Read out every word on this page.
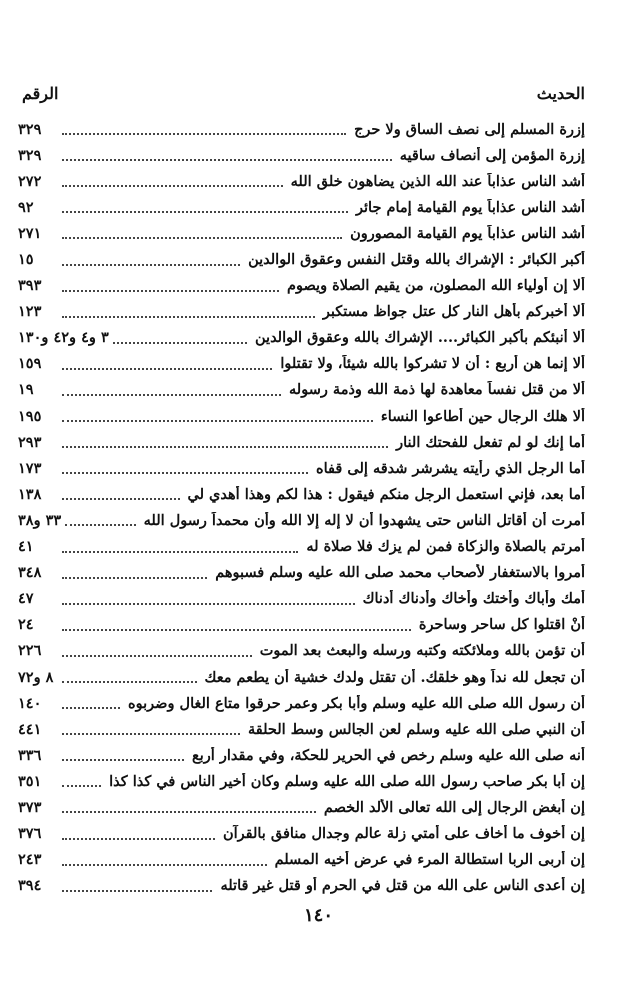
الحديث
الرقم
إزرة المسلم إلى نصف الساق ولا حرج
٣٢٩
إزرة المؤمن إلى أنصاف ساقيه
٣٢٩
أشد الناس عذاباً عند الله الذين يضاهون خلق الله
٢٧٢
أشد الناس عذاباً يوم القيامة إمام جائر
٩٢
أشد الناس عذاباً يوم القيامة المصورون
٢٧١
أكبر الكبائر : الإشراك بالله وقتل النفس وعقوق الوالدين
١٥
ألا إن أولياء الله المصلون، من يقيم الصلاة ويصوم
٣٩٣
ألا أخبركم بأهل النار كل عتل جواظ مستكبر
١٢٣
ألا أنبئكم بأكبر الكبائر.... الإشراك بالله وعقوق الوالدين
٣ و٤ و٤٢ و١٣٠
ألا إنما هن أربع : أن لا تشركوا بالله شيئاً، ولا تقتلوا
١٥٩
ألا من قتل نفساً معاهدة لها ذمة الله وذمة رسوله
١٩
ألا هلك الرجال حين أطاعوا النساء
١٩٥
أما إنك لو لم تفعل للفحتك النار
٢٩٣
أما الرجل الذي رأيته يشرشر شدقه إلى قفاه
١٧٣
أما بعد، فإني استعمل الرجل منكم فيقول : هذا لكم وهذا أهدي لي
١٣٨
أمرت أن أقاتل الناس حتى يشهدوا أن لا إله إلا الله وأن محمداً رسول الله
٣٣ و٣٨
أمرتم بالصلاة والزكاة فمن لم يزك فلا صلاة له
٤١
أمروا بالاستغفار لأصحاب محمد صلى الله عليه وسلم فسبوهم
٣٤٨
أمك وأباك وأختك وأخاك وأدناك أدناك
٤٧
أنْ اقتلوا كل ساحر وساحرة
٢٤
أن تؤمن بالله وملائكته وكتبه ورسله والبعث بعد الموت
٢٢٦
أن تجعل لله نداً وهو خلقك. أن تقتل ولدك خشية أن يطعم معك
٨ و٧٢
أن رسول الله صلى الله عليه وسلم وأبا بكر وعمر حرقوا متاع الغال وضربوه
١٤٠
أن النبي صلى الله عليه وسلم لعن الجالس وسط الحلقة
٤٤١
أنه صلى الله عليه وسلم رخص في الحرير للحكة، وفي مقدار أربع
٣٣٦
إن أبا بكر صاحب رسول الله صلى الله عليه وسلم وكان أخير الناس في كذا كذا
٣٥١
إن أبغض الرجال إلى الله تعالى الألد الخصم
٣٧٣
إن أخوف ما أخاف على أمتي زلة عالم وجدال منافق بالقرآن
٣٧٦
إن أربى الربا استطالة المرء في عرض أخيه المسلم
٢٤٣
إن أعدى الناس على الله من قتل في الحرم أو قتل غير قاتله
٣٩٤
١٤٠
